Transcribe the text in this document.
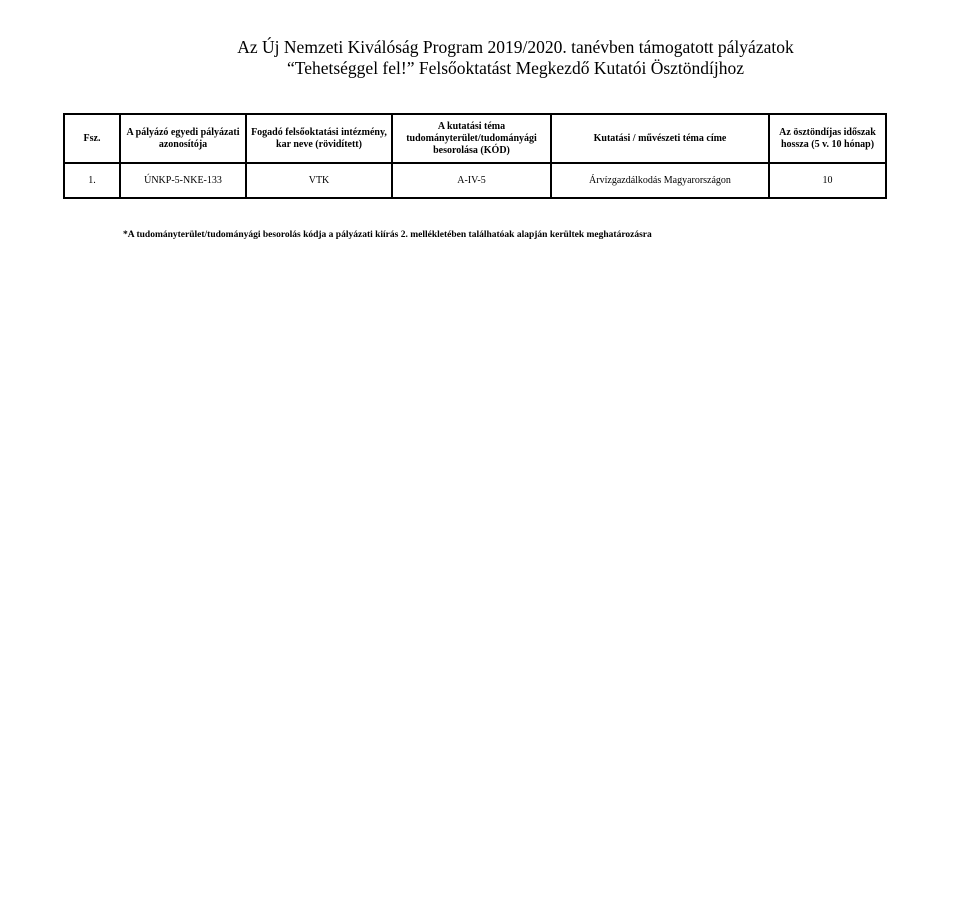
Az Új Nemzeti Kiválóság Program 2019/2020. tanévben támogatott pályázatok
“Tehetséggel fel!” Felsőoktatást Megkezdő Kutatói Ösztöndíjhoz
Fsz.	A pályázó egyedi pályázati azonosítója	Fogadó felsőoktatási intézmény, kar neve (rövidített)	A kutatási téma tudományterület/tudományági besorolása (KÓD)	Kutatási / művészeti téma címe	Az ösztöndíjas időszak hossza (5 v. 10 hónap)
1.	ÚNKP-5-NKE-133	VTK	A-IV-5	Árvízgazdálkodás Magyarországon	10
*A tudományterület/tudományági besorolás kódja a pályázati kiírás 2. mellékletében találhatóak alapján kerültek meghatározásra
